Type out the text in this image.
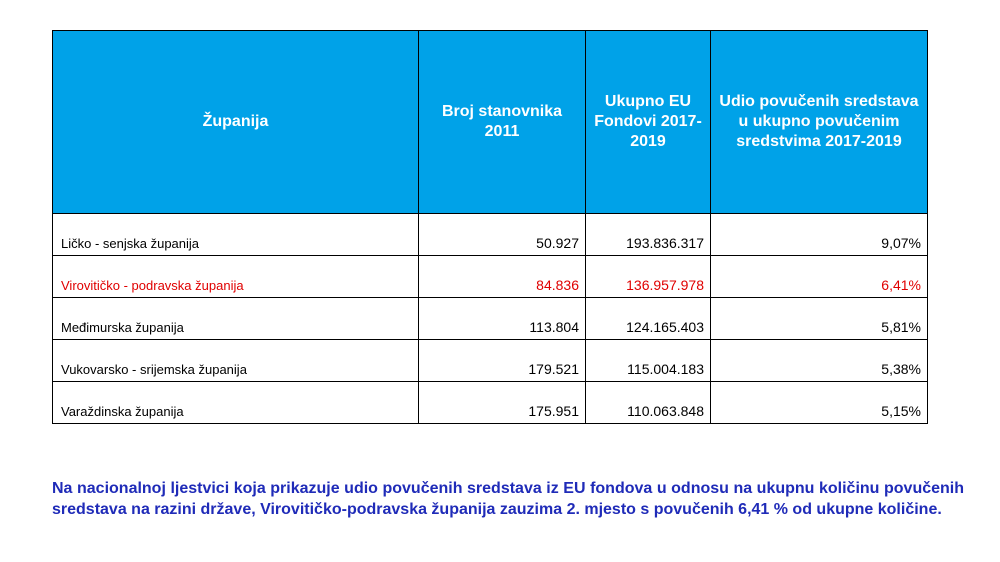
Županija	Broj stanovnika 2011	Ukupno EU Fondovi 2017-2019	Udio povučenih sredstava u ukupno povučenim sredstvima 2017-2019
Ličko - senjska županija	50.927	193.836.317	9,07%
Virovitičko - podravska županija	84.836	136.957.978	6,41%
Međimurska županija	113.804	124.165.403	5,81%
Vukovarsko - srijemska županija	179.521	115.004.183	5,38%
Varaždinska županija	175.951	110.063.848	5,15%

Na nacionalnoj ljestvici koja prikazuje udio povučenih sredstava iz EU fondova u odnosu na ukupnu količinu povučenih sredstava na razini države, Virovitičko-podravska županija zauzima 2. mjesto s povučenih 6,41 % od ukupne količine.
